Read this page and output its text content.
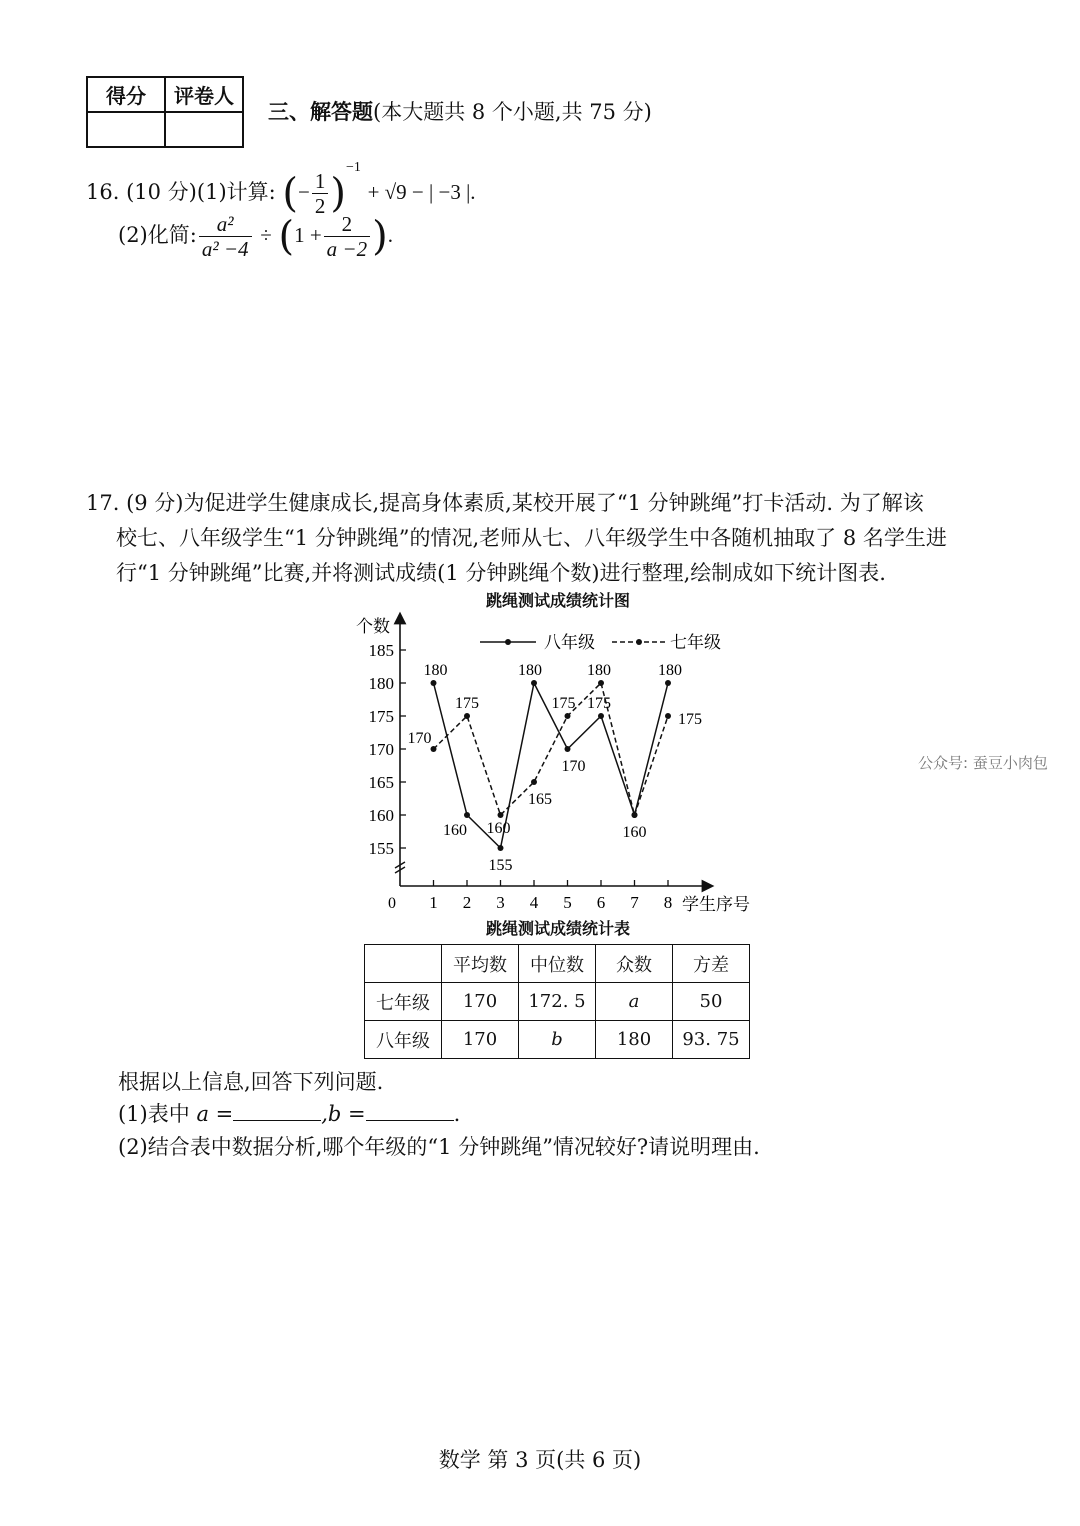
得分	评卷人

三、解答题(本大题共 8 个小题,共 75 分)
16. (10 分)(1)计算: (− $\frac{1}{2} )^{-1} + √9$ − | −3 |.
(2)化简: $\frac{\text{a²}}{\text{a² −4}} \div (1 + \frac{2}{a -2}$ ).

17. (9 分)为促进学生健康成长,提高身体素质,某校开展了“1 分钟跳绳”打卡活动. 为了解该

校七、八年级学生“1 分钟跳绳”的情况,老师从七、八年级学生中各随机抽取了 8 名学生进

行“1 分钟跳绳”比赛,并将测试成绩(1 分钟跳绳个数)进行整理,绘制成如下统计图表.

跳绳测试成绩统计图
个数
学生序号
0
155
160
165
170
175
180
185
1 2 3 4 5 6 7 8
180
160
155
180
170
175
160
180
170
175
160
165
175
180
175
八年级	七年级
跳绳测试成绩统计表
	平均数	中位数	众数	方差
七年级	170	172. 5	a	50
八年级	170	b	180	93. 75
根据以上信息,回答下列问题.
(1)表中 a =	,b =	.
(2)结合表中数据分析,哪个年级的“1 分钟跳绳”情况较好?请说明理由.
公众号: 蚕豆小肉包
数学 第 3 页(共 6 页)
